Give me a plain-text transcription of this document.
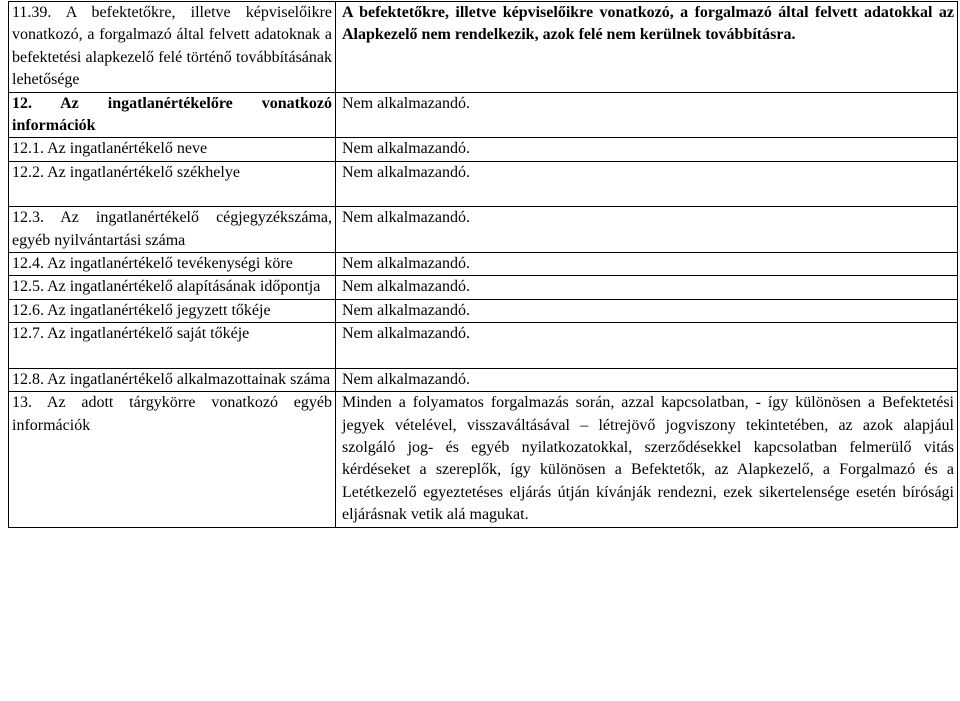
11.39. A befektetőkre, illetve képviselőikre vonatkozó, a forgalmazó által felvett adatoknak a befektetési alapkezelő felé történő továbbításának lehetősége	A befektetőkre, illetve képviselőikre vonatkozó, a forgalmazó által felvett adatokkal az Alapkezelő nem rendelkezik, azok felé nem kerülnek továbbításra.
12. Az ingatlanértékelőre vonatkozó információk	Nem alkalmazandó.
12.1. Az ingatlanértékelő neve	Nem alkalmazandó.

12.2. Az ingatlanértékelő székhelye	Nem alkalmazandó.
12.3. Az ingatlanértékelő cégjegyzékszáma, egyéb nyilvántartási száma	Nem alkalmazandó.
12.4. Az ingatlanértékelő tevékenységi köre	Nem alkalmazandó.
12.5. Az ingatlanértékelő alapításának időpontja	Nem alkalmazandó.
12.6. Az ingatlanértékelő jegyzett tőkéje	Nem alkalmazandó.

12.7. Az ingatlanértékelő saját tőkéje	Nem alkalmazandó.
12.8. Az ingatlanértékelő alkalmazottainak száma	Nem alkalmazandó.
13. Az adott tárgykörre vonatkozó egyéb információk	Minden a folyamatos forgalmazás során, azzal kapcsolatban, - így különösen a Befektetési jegyek vételével, visszaváltásával – létrejövő jogviszony tekintetében, az azok alapjául szolgáló jog- és egyéb nyilatkozatokkal, szerződésekkel kapcsolatban felmerülő vitás kérdéseket a szereplők, így különösen a Befektetők, az Alapkezelő, a Forgalmazó és a Letétkezelő egyeztetéses eljárás útján kívánják rendezni, ezek sikertelensége esetén bírósági eljárásnak vetik alá magukat.
